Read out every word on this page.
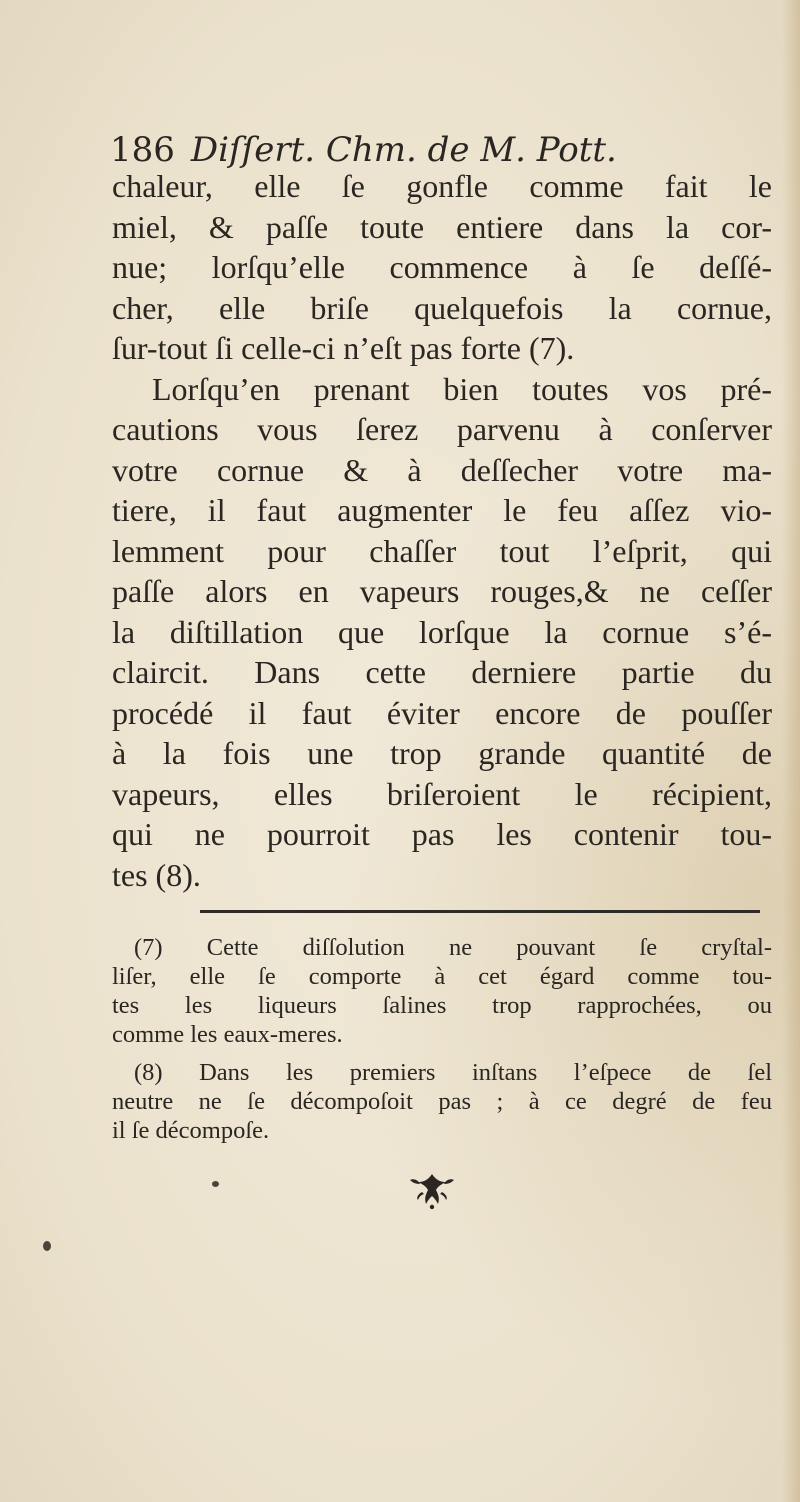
186 Diſſert. Chm. de M. Pott.
chaleur, elle ſe gonfle comme fait le
miel, & paſſe toute entiere dans la cor-
nue; lorſqu’elle commence à ſe deſſé-
cher, elle briſe quelquefois la cornue,
ſur-tout ſi celle-ci n’eſt pas forte (7).
Lorſqu’en prenant bien toutes vos pré-
cautions vous ſerez parvenu à conſerver
votre cornue & à deſſecher votre ma-
tiere, il faut augmenter le feu aſſez vio-
lemment pour chaſſer tout l’eſprit, qui
paſſe alors en vapeurs rouges,& ne ceſſer
la diſtillation que lorſque la cornue s’é-
claircit. Dans cette derniere partie du
procédé il faut éviter encore de pouſſer
à la fois une trop grande quantité de
vapeurs, elles briſeroient le récipient,
qui ne pourroit pas les contenir tou-
tes (8).
(7) Cette diſſolution ne pouvant ſe cryſtal-
liſer, elle ſe comporte à cet égard comme tou-
tes les liqueurs ſalines trop rapprochées, ou
comme les eaux-meres.
(8) Dans les premiers inſtans l’eſpece de ſel
neutre ne ſe décompoſoit pas ; à ce degré de feu
il ſe décompoſe.
